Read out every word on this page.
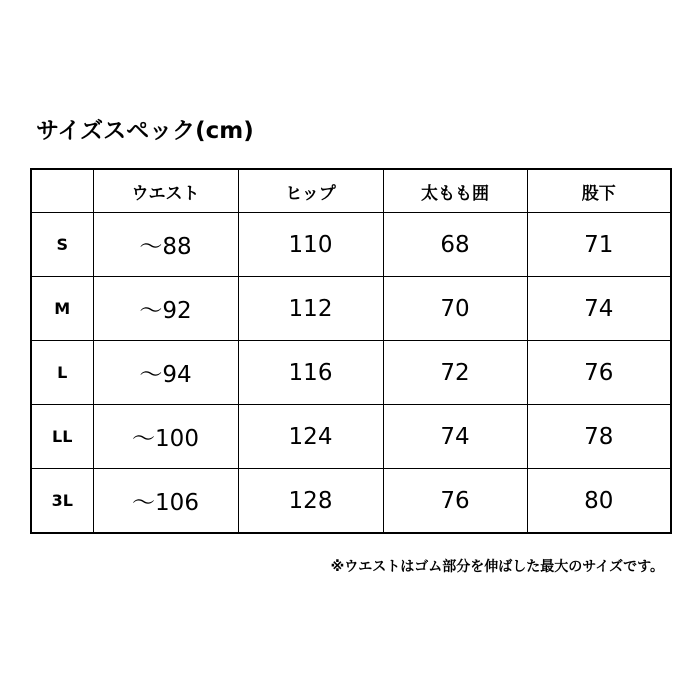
サイズスペック(cm)
	ウエスト	ヒップ	太もも囲	股下
S	～88	110	68	71
M	～92	112	70	74
L	～94	116	72	76
LL	～100	124	74	78
3L	～106	128	76	80
※ウエストはゴム部分を伸ばした最大のサイズです。
